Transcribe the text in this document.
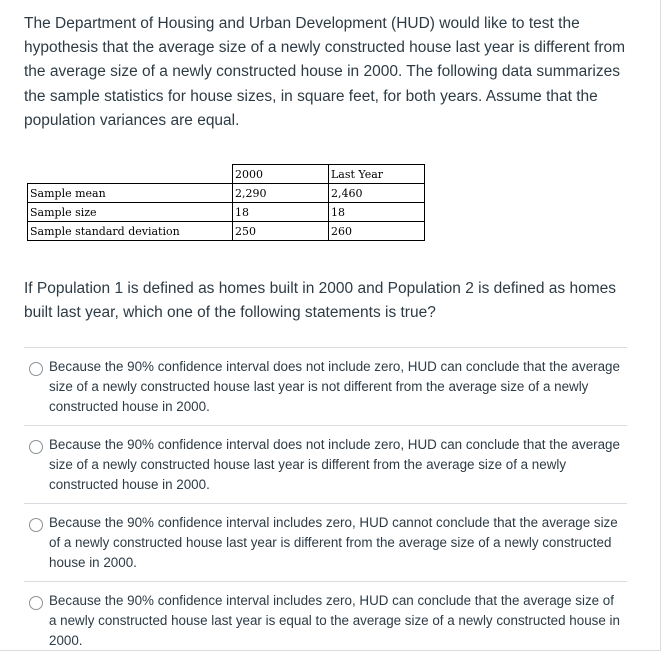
The Department of Housing and Urban Development (HUD) would like to test the hypothesis that the average size of a newly constructed house last year is different from the average size of a newly constructed house in 2000. The following data summarizes the sample statistics for house sizes, in square feet, for both years. Assume that the population variances are equal.
	2000	Last Year
Sample mean	2,290	2,460
Sample size	18	18
Sample standard deviation	250	260
If Population 1 is defined as homes built in 2000 and Population 2 is defined as homes built last year, which one of the following statements is true?
Because the 90% confidence interval does not include zero, HUD can conclude that the average size of a newly constructed house last year is not different from the average size of a newly constructed house in 2000.
Because the 90% confidence interval does not include zero, HUD can conclude that the average size of a newly constructed house last year is different from the average size of a newly constructed house in 2000.
Because the 90% confidence interval includes zero, HUD cannot conclude that the average size of a newly constructed house last year is different from the average size of a newly constructed house in 2000.
Because the 90% confidence interval includes zero, HUD can conclude that the average size of a newly constructed house last year is equal to the average size of a newly constructed house in 2000.
